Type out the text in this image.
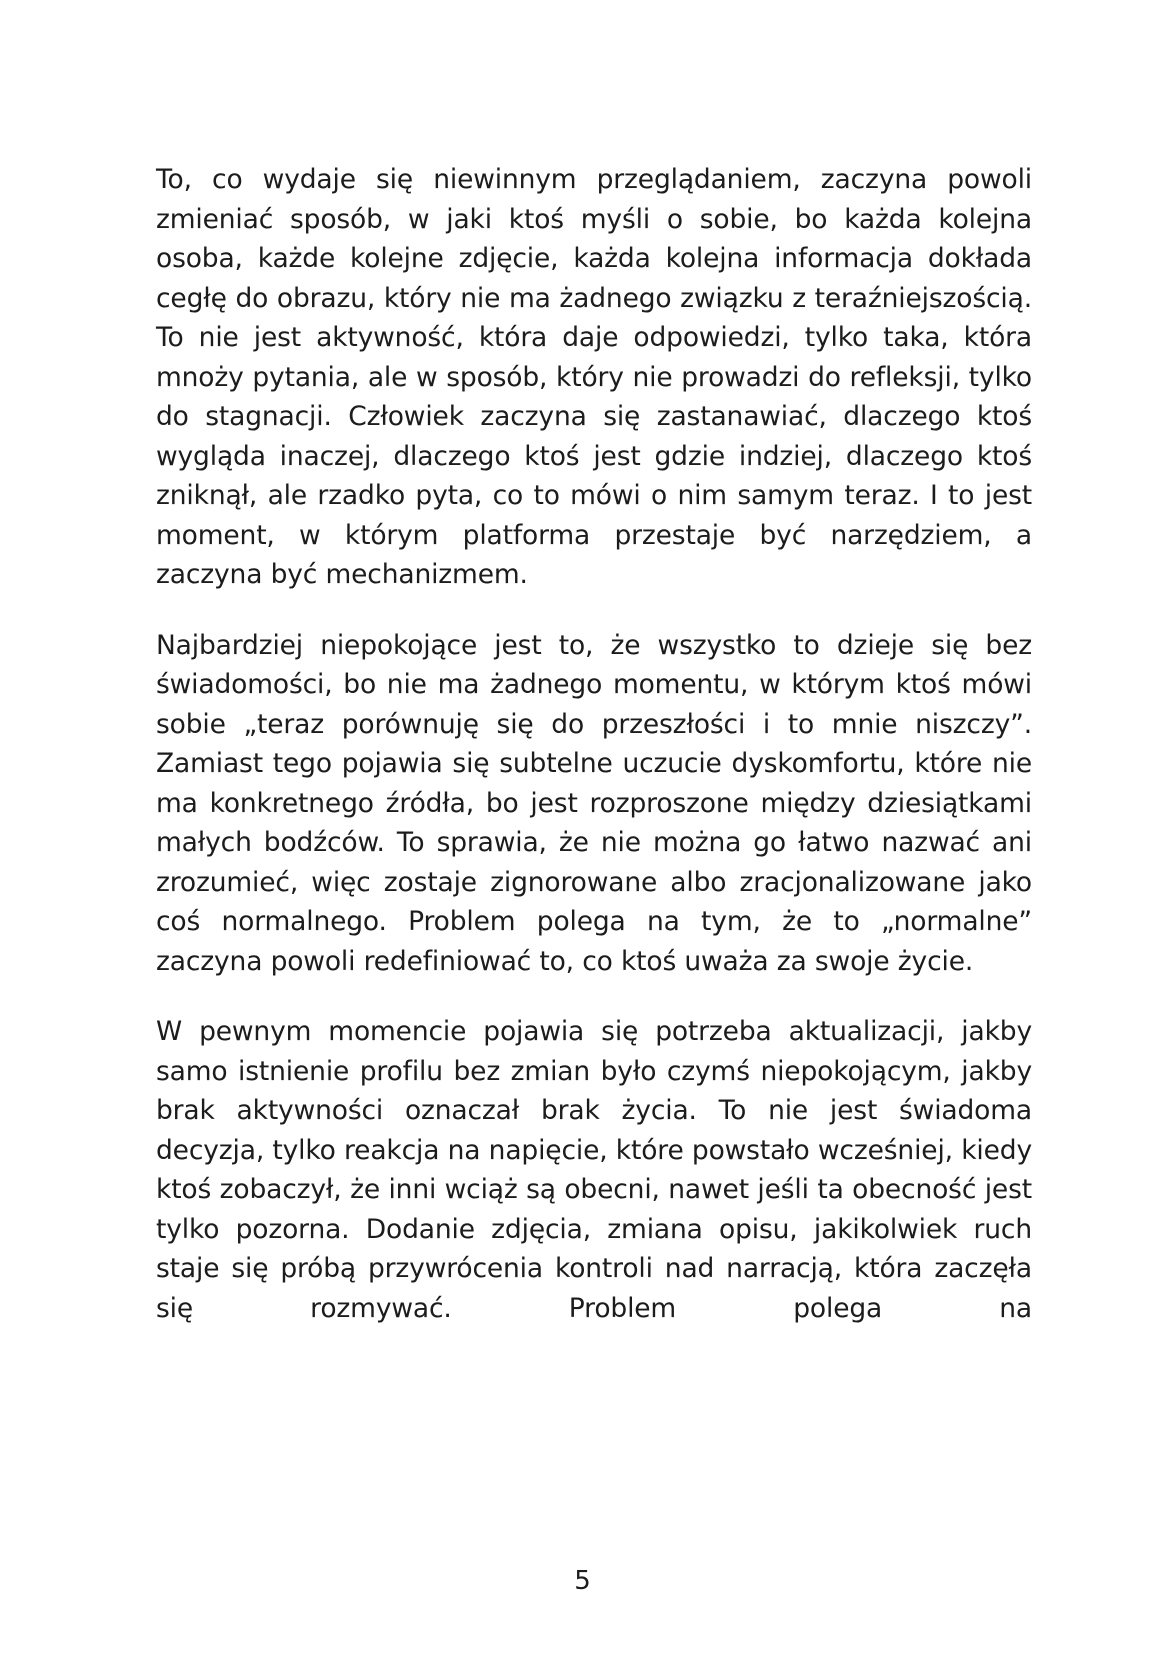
To, co wydaje się niewinnym przeglądaniem, zaczyna powoli zmieniać sposób, w jaki ktoś myśli o sobie, bo każda kolejna osoba, każde kolejne zdjęcie, każda kolejna informacja dokłada cegłę do obrazu, który nie ma żadnego związku z teraźniejszością. To nie jest aktywność, która daje odpowiedzi, tylko taka, która mnoży pytania, ale w sposób, który nie prowadzi do refleksji, tylko do stagnacji. Człowiek zaczyna się zastanawiać, dlaczego ktoś wygląda inaczej, dlaczego ktoś jest gdzie indziej, dlaczego ktoś zniknął, ale rzadko pyta, co to mówi o nim samym teraz. I to jest moment, w którym platforma przestaje być narzędziem, a zaczyna być mechanizmem.

Najbardziej niepokojące jest to, że wszystko to dzieje się bez świadomości, bo nie ma żadnego momentu, w którym ktoś mówi sobie „teraz porównuję się do przeszłości i to mnie niszczy”. Zamiast tego pojawia się subtelne uczucie dyskomfortu, które nie ma konkretnego źródła, bo jest rozproszone między dziesiątkami małych bodźców. To sprawia, że nie można go łatwo nazwać ani zrozumieć, więc zostaje zignorowane albo zracjonalizowane jako coś normalnego. Problem polega na tym, że to „normalne” zaczyna powoli redefiniować to, co ktoś uważa za swoje życie.

W pewnym momencie pojawia się potrzeba aktualizacji, jakby samo istnienie profilu bez zmian było czymś niepokojącym, jakby brak aktywności oznaczał brak życia. To nie jest świadoma decyzja, tylko reakcja na napięcie, które powstało wcześniej, kiedy ktoś zobaczył, że inni wciąż są obecni, nawet jeśli ta obecność jest tylko pozorna. Dodanie zdjęcia, zmiana opisu, jakikolwiek ruch staje się próbą przywrócenia kontroli nad narracją, która zaczęła się rozmywać. Problem polega na

5
